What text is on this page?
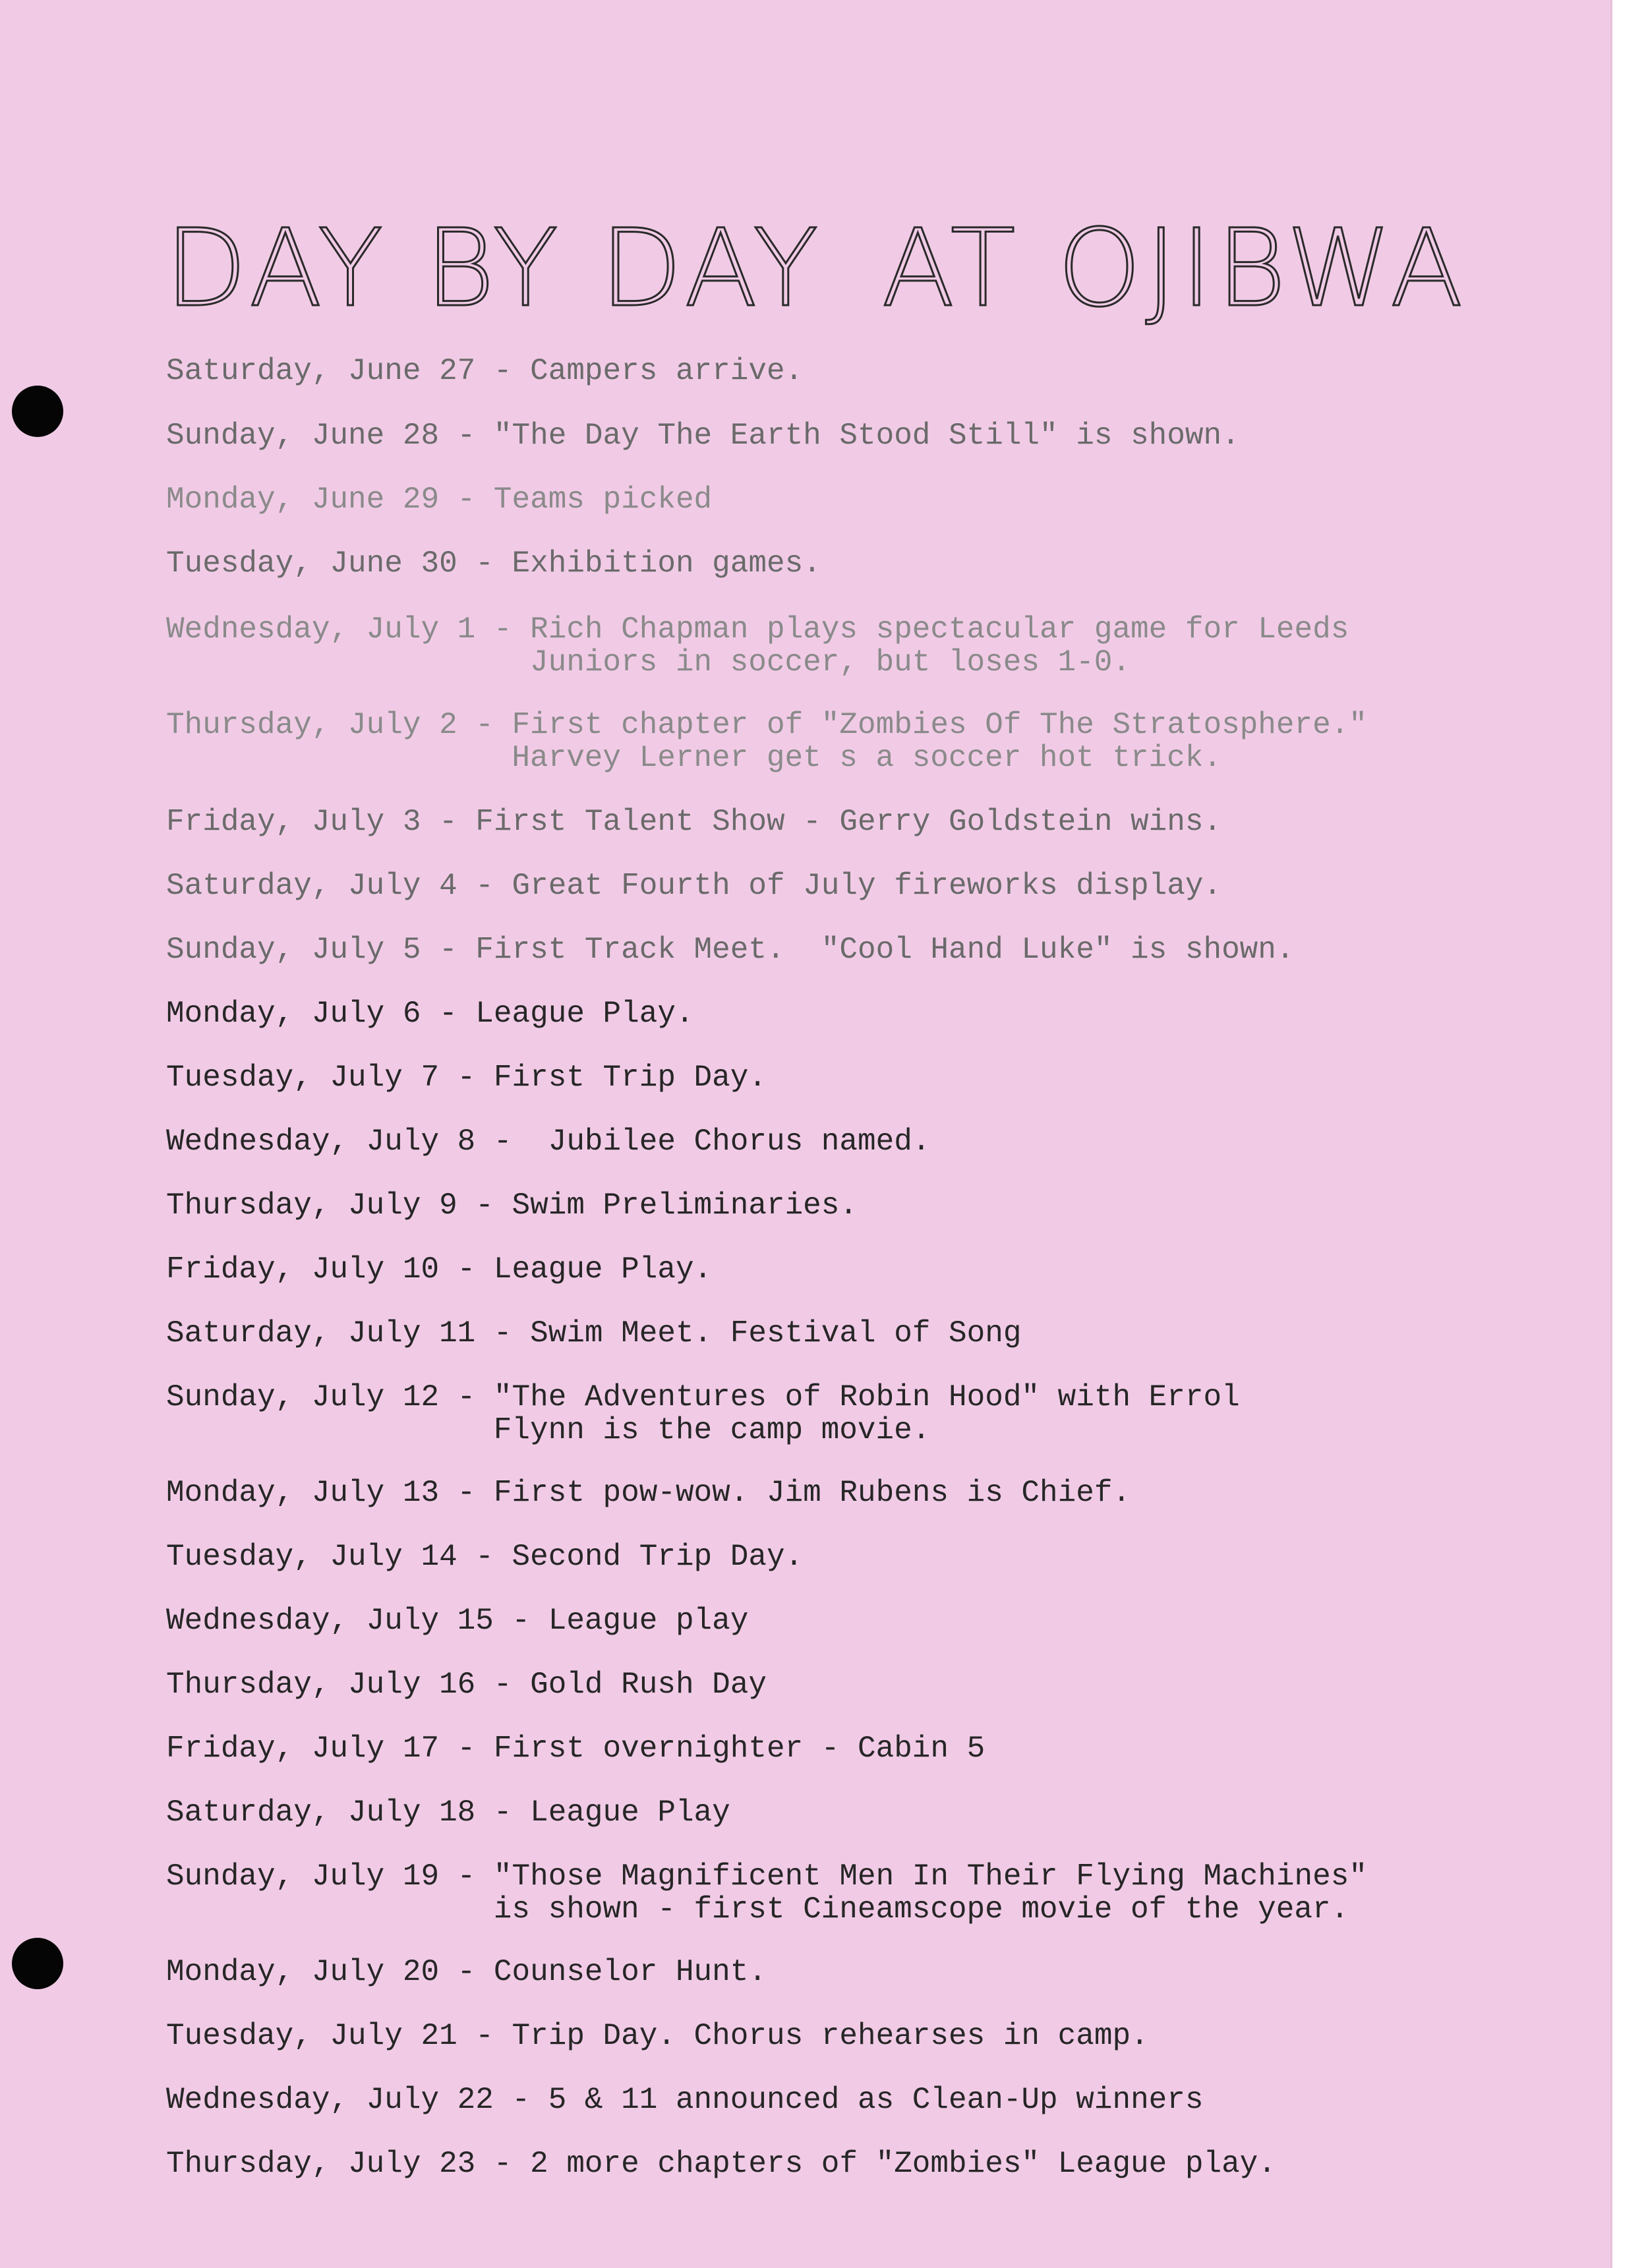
DAY BY DAY AT OJIBWA
Saturday, June 27 - Campers arrive.
Sunday, June 28 - "The Day The Earth Stood Still" is shown.
Monday, June 29 - Teams picked
Tuesday, June 30 - Exhibition games.
Wednesday, July 1 - Rich Chapman plays spectacular game for Leeds
Juniors in soccer, but loses 1-0.
Thursday, July 2 - First chapter of "Zombies Of The Stratosphere."
Harvey Lerner get s a soccer hot trick.
Friday, July 3 - First Talent Show - Gerry Goldstein wins.
Saturday, July 4 - Great Fourth of July fireworks display.
Sunday, July 5 - First Track Meet.  "Cool Hand Luke" is shown.
Monday, July 6 - League Play.
Tuesday, July 7 - First Trip Day.
Wednesday, July 8 -  Jubilee Chorus named.
Thursday, July 9 - Swim Preliminaries.
Friday, July 10 - League Play.
Saturday, July 11 - Swim Meet. Festival of Song
Sunday, July 12 - "The Adventures of Robin Hood" with Errol
Flynn is the camp movie.
Monday, July 13 - First pow-wow. Jim Rubens is Chief.
Tuesday, July 14 - Second Trip Day.
Wednesday, July 15 - League play
Thursday, July 16 - Gold Rush Day
Friday, July 17 - First overnighter - Cabin 5
Saturday, July 18 - League Play
Sunday, July 19 - "Those Magnificent Men In Their Flying Machines"
is shown - first Cineamscope movie of the year.
Monday, July 20 - Counselor Hunt.
Tuesday, July 21 - Trip Day. Chorus rehearses in camp.
Wednesday, July 22 - 5 & 11 announced as Clean-Up winners
Thursday, July 23 - 2 more chapters of "Zombies" League play.
